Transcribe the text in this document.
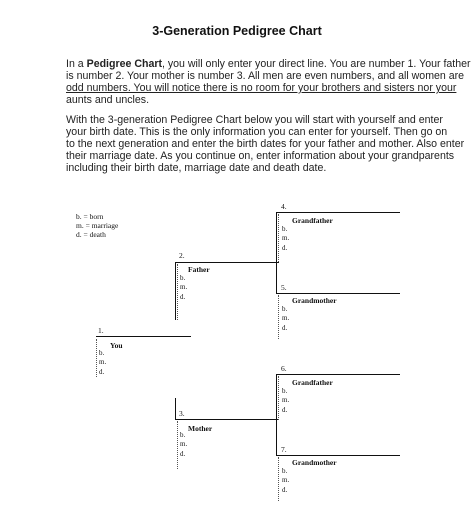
3-Generation Pedigree Chart
In a Pedigree Chart, you will only enter your direct line. You are number 1. Your father
is number 2. Your mother is number 3. All men are even numbers, and all women are
odd numbers. You will notice there is no room for your brothers and sisters nor your
aunts and uncles.
With the 3-generation Pedigree Chart below you will start with yourself and enter
your birth date. This is the only information you can enter for yourself. Then go on
to the next generation and enter the birth dates for your father and mother. Also enter
their marriage date. As you continue on, enter information about your grandparents
including their birth date, marriage date and death date.
b. = born
m. = marriage
d. = death
1.
You
b.
m.
d.
2.
Father
b.
m.
d.
3.
Mother
b.
m.
d.
4.
Grandfather
b.
m.
d.
5.
Grandmother
b.
m.
d.
6.
Grandfather
b.
m.
d.
7.
Grandmother
b.
m.
d.
